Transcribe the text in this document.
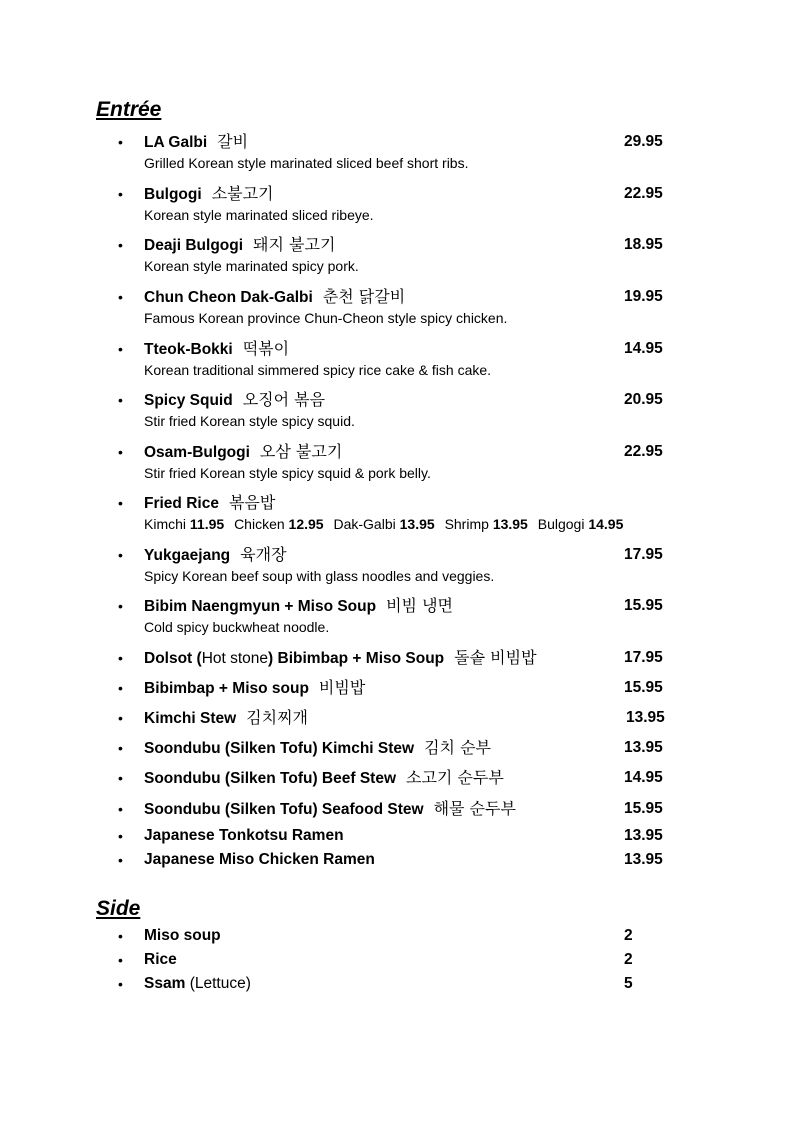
Entrée
•	LA Galbi 갈비	29.95
Grilled Korean style marinated sliced beef short ribs.
•	Bulgogi 소불고기	22.95
Korean style marinated sliced ribeye.
•	Deaji Bulgogi 돼지 불고기	18.95
Korean style marinated spicy pork.
•	Chun Cheon Dak-Galbi 춘천 닭갈비	19.95
Famous Korean province Chun-Cheon style spicy chicken.
•	Tteok-Bokki 떡볶이	14.95
Korean traditional simmered spicy rice cake & fish cake.
•	Spicy Squid 오징어 볶음	20.95
Stir fried Korean style spicy squid.
•	Osam-Bulgogi 오삼 불고기	22.95
Stir fried Korean style spicy squid & pork belly.
•	Fried Rice 볶음밥
Kimchi 11.95 Chicken 12.95 Dak-Galbi 13.95 Shrimp 13.95 Bulgogi 14.95
•	Yukgaejang 육개장	17.95
Spicy Korean beef soup with glass noodles and veggies.
•	Bibim Naengmyun + Miso Soup 비빔 냉면	15.95
Cold spicy buckwheat noodle.
•	Dolsot (Hot stone) Bibimbap + Miso Soup 돌솥 비빔밥	17.95
•	Bibimbap + Miso soup 비빔밥	15.95
•	Kimchi Stew 김치찌개	13.95
•	Soondubu (Silken Tofu) Kimchi Stew 김치 순부	13.95
•	Soondubu (Silken Tofu) Beef Stew 소고기 순두부	14.95
•	Soondubu (Silken Tofu) Seafood Stew 해물 순두부	15.95
•	Japanese Tonkotsu Ramen	13.95
•	Japanese Miso Chicken Ramen	13.95
Side
•	Miso soup	2
•	Rice	2
•	Ssam (Lettuce)	5
